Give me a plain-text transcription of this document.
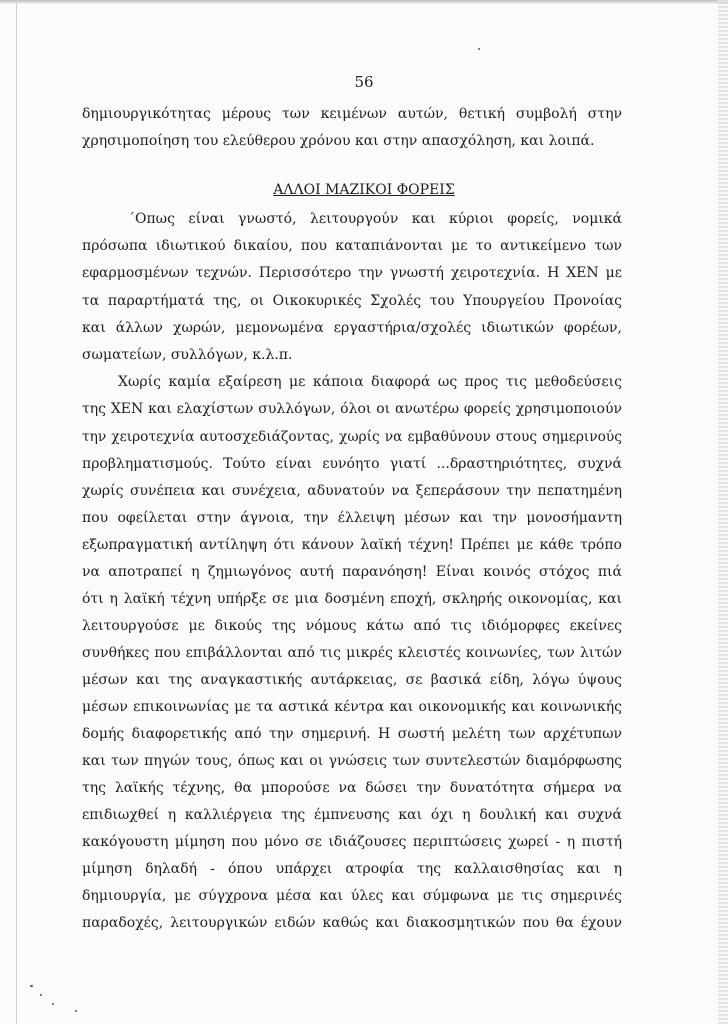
56
δημιουργικότητας μέρους των κειμένων αυτών, θετική συμβολή στην
χρησιμοποίηση του ελεύθερου χρόνου και στην απασχόληση, και λοιπά.
ΑΛΛΟΙ ΜΑΖΙΚΟΙ ΦΟΡΕΙΣ
΄Οπως είναι γνωστό, λειτουργούν και κύριοι φορείς, νομικά
πρόσωπα ιδιωτικού δικαίου, που καταπιάνονται με το αντικείμενο των
εφαρμοσμένων τεχνών. Περισσότερο την γνωστή χειροτεχνία. Η ΧΕΝ με
τα παραρτήματά της, οι Οικοκυρικές Σχολές του Υπουργείου Προνοίας
και άλλων χωρών, μεμονωμένα εργαστήρια/σχολές ιδιωτικών φορέων,
σωματείων, συλλόγων, κ.λ.π.
Χωρίς καμία εξαίρεση με κάποια διαφορά ως προς τις μεθοδεύσεις
της ΧΕΝ και ελαχίστων συλλόγων, όλοι οι ανωτέρω φορείς χρησιμοποιούν
την χειροτεχνία αυτοσχεδιάζοντας, χωρίς να εμβαθύνουν στους σημερινούς
προβληματισμούς. Τούτο είναι ευνόητο γιατί ...δραστηριότητες, συχνά
χωρίς συνέπεια και συνέχεια, αδυνατούν να ξεπεράσουν την πεπατημένη
που οφείλεται στην άγνοια, την έλλειψη μέσων και την μονοσήμαντη
εξωπραγματική αντίληψη ότι κάνουν λαϊκή τέχνη! Πρέπει με κάθε τρόπο
να αποτραπεί η ζημιωγόνος αυτή παρανόηση! Είναι κοινός στόχος πιά
ότι η λαϊκή τέχνη υπήρξε σε μια δοσμένη εποχή, σκληρής οικονομίας, και
λειτουργούσε με δικούς της νόμους κάτω από τις ιδιόμορφες εκείνες
συνθήκες που επιβάλλονται από τις μικρές κλειστές κοινωνίες, των λιτών
μέσων και της αναγκαστικής αυτάρκειας, σε βασικά είδη, λόγω ύψους
μέσων επικοινωνίας με τα αστικά κέντρα και οικονομικής και κοινωνικής
δομής διαφορετικής από την σημερινή. Η σωστή μελέτη των αρχέτυπων
και των πηγών τους, όπως και οι γνώσεις των συντελεστών διαμόρφωσης
της λαϊκής τέχνης, θα μπορούσε να δώσει την δυνατότητα σήμερα να
επιδιωχθεί η καλλιέργεια της έμπνευσης και όχι η δουλική και συχνά
κακόγουστη μίμηση που μόνο σε ιδιάζουσες περιπτώσεις χωρεί - η πιστή
μίμηση δηλαδή - όπου υπάρχει ατροφία της καλλαισθησίας και η
δημιουργία, με σύγχρονα μέσα και ύλες και σύμφωνα με τις σημερινές
παραδοχές, λειτουργικών ειδών καθώς και διακοσμητικών που θα έχουν
